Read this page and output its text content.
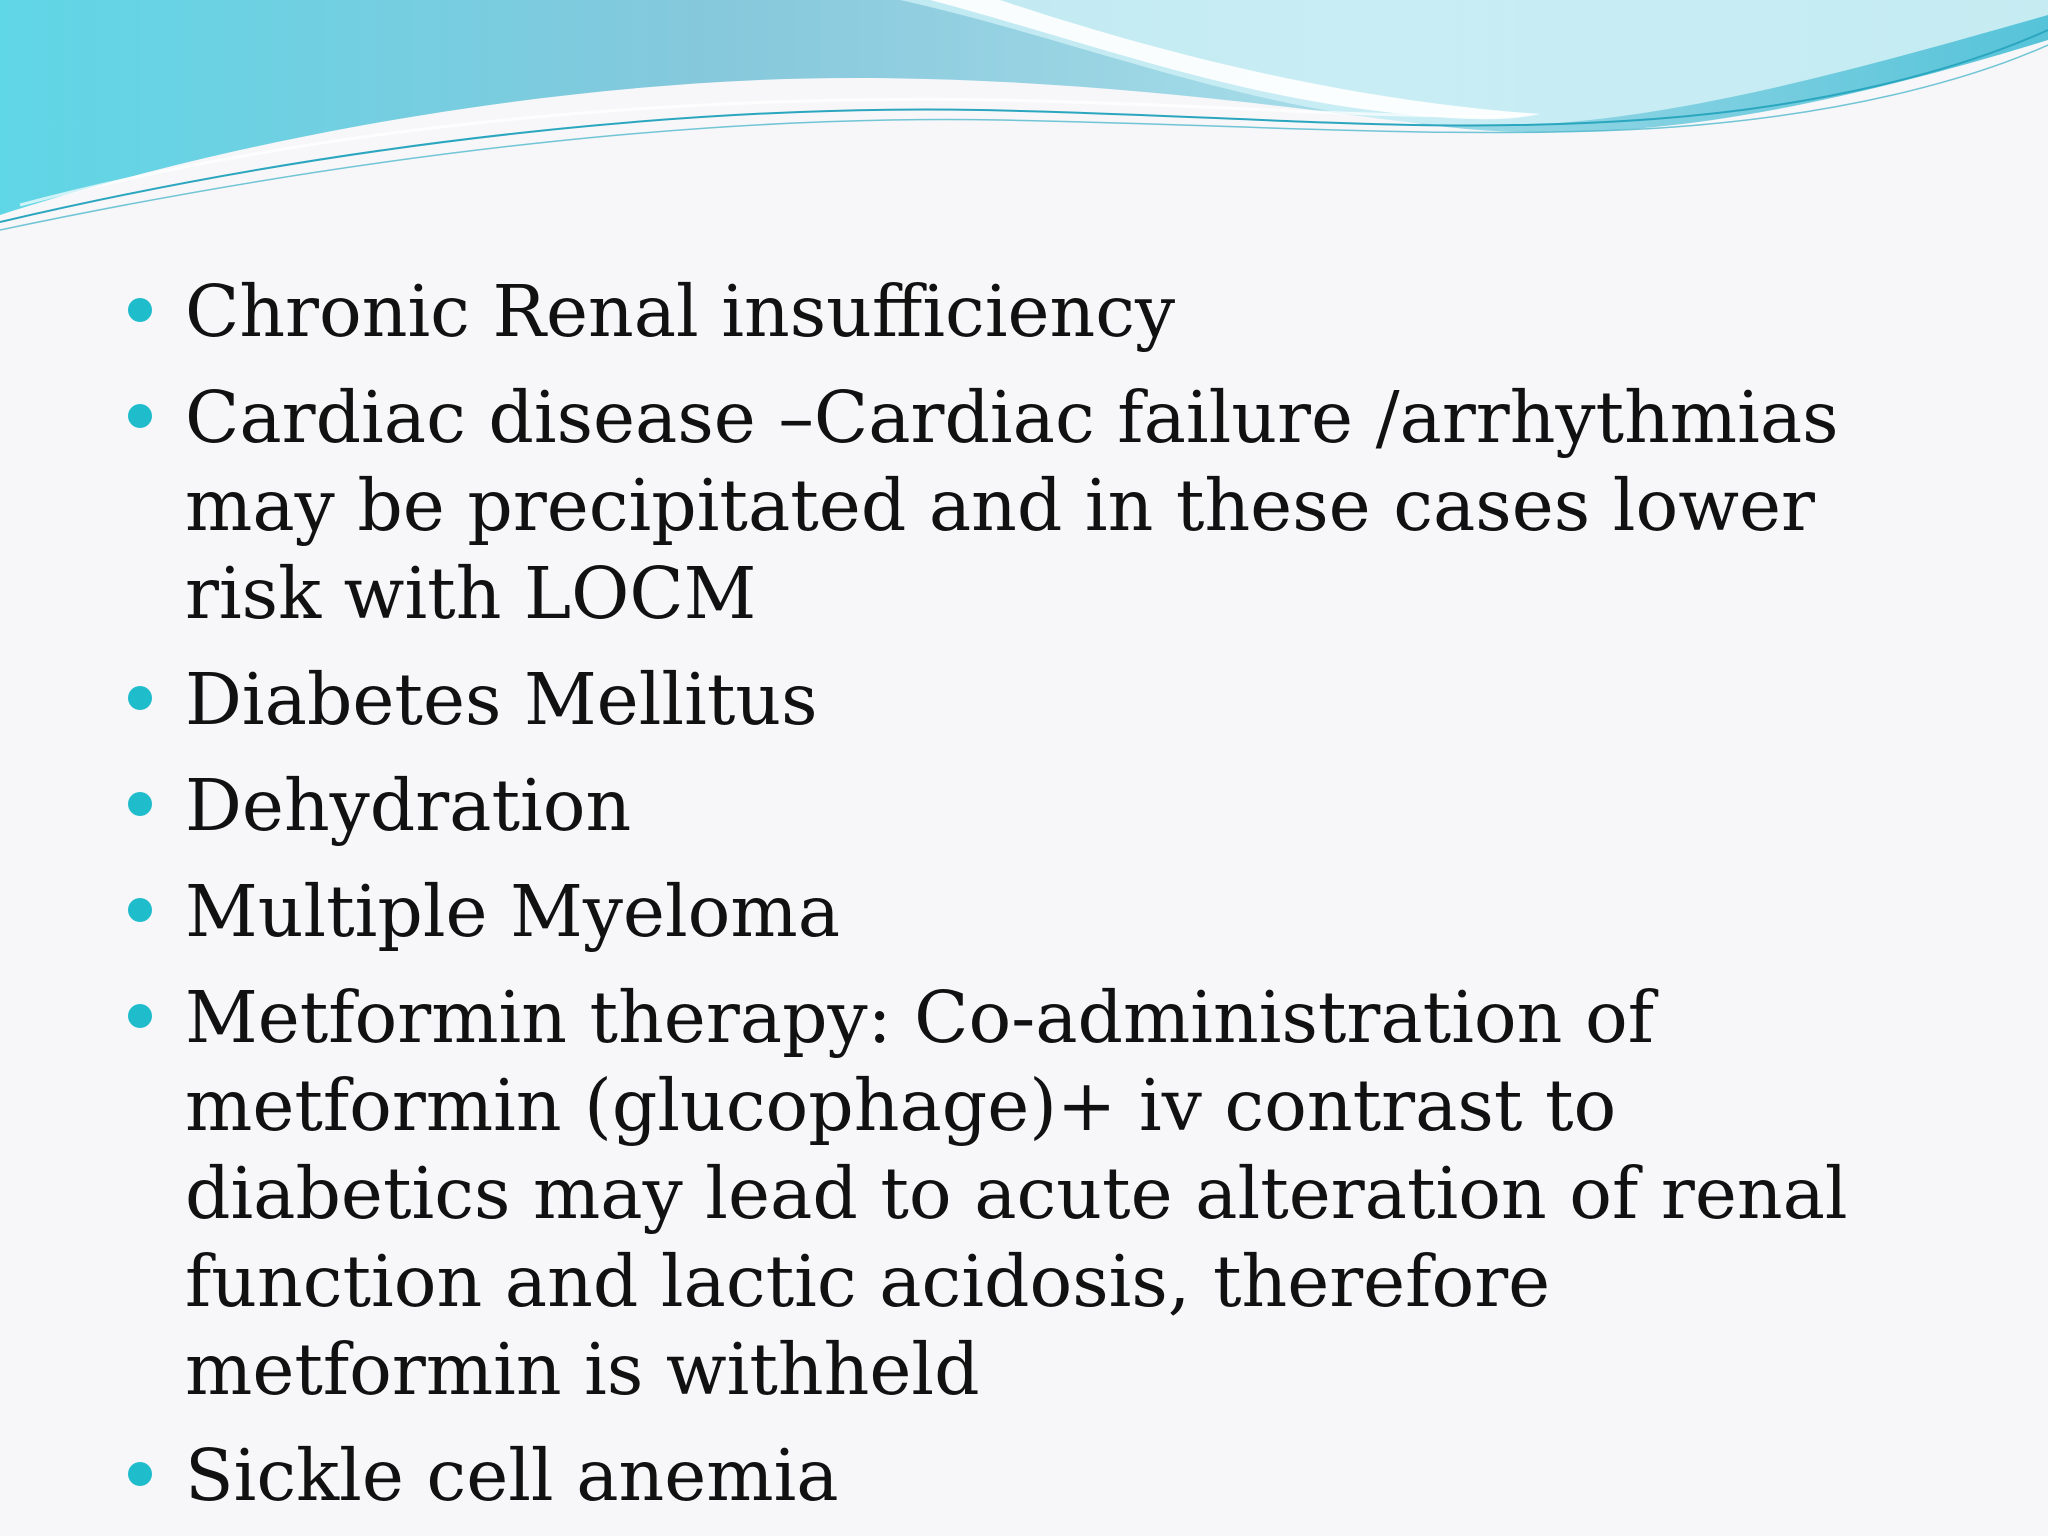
Chronic Renal insufficiency
Cardiac disease –Cardiac failure /arrhythmias may be precipitated and in these cases lower risk with LOCM
Diabetes Mellitus
Dehydration
Multiple Myeloma
Metformin therapy: Co-administration of metformin (glucophage)+ iv contrast to diabetics may lead to acute alteration of renal function and lactic acidosis, therefore metformin is withheld
Sickle cell anemia
